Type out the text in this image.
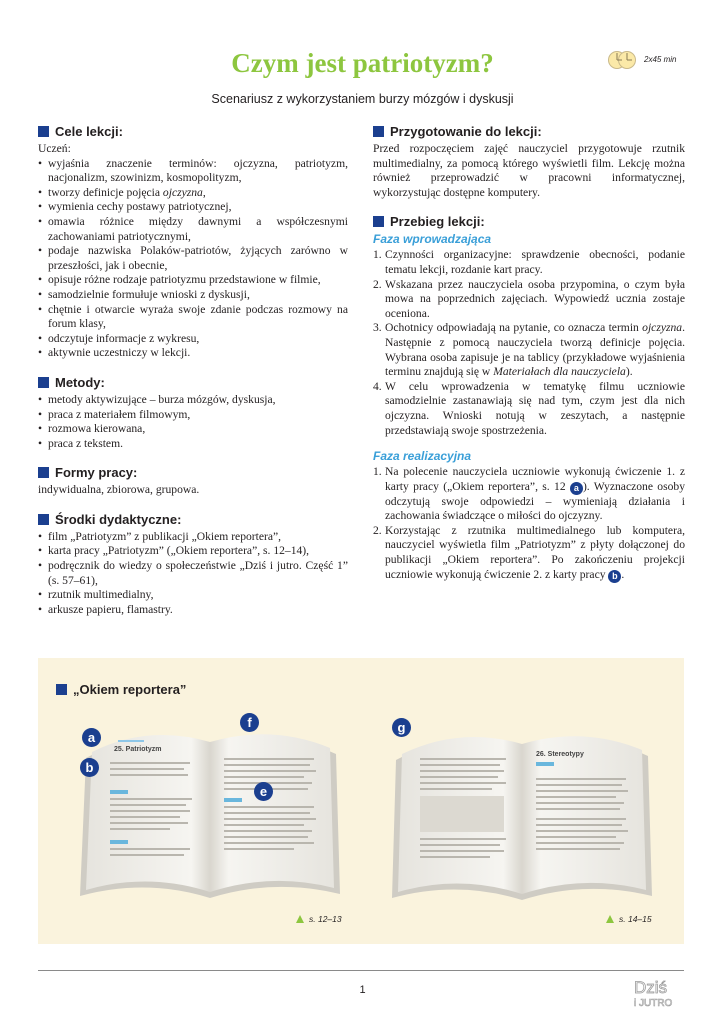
Czym jest patriotyzm?
Scenariusz z wykorzystaniem burzy mózgów i dyskusji
2x45 min
Cele lekcji:
Uczeń:
• wyjaśnia znaczenie terminów: ojczyzna, patriotyzm, nacjonalizm, szowinizm, kosmopolityzm,
• tworzy definicje pojęcia ojczyzna,
• wymienia cechy postawy patriotycznej,
• omawia różnice między dawnymi a współczesnymi zachowaniami patriotycznymi,
• podaje nazwiska Polaków-patriotów, żyjących zarówno w przeszłości, jak i obecnie,
• opisuje różne rodzaje patriotyzmu przedstawione w filmie,
• samodzielnie formułuje wnioski z dyskusji,
• chętnie i otwarcie wyraża swoje zdanie podczas rozmowy na forum klasy,
• odczytuje informacje z wykresu,
• aktywnie uczestniczy w lekcji.
Metody:
• metody aktywizujące – burza mózgów, dyskusja,
• praca z materiałem filmowym,
• rozmowa kierowana,
• praca z tekstem.
Formy pracy:
indywidualna, zbiorowa, grupowa.
Środki dydaktyczne:
• film „Patriotyzm” z publikacji „Okiem reportera”,
• karta pracy „Patriotyzm” („Okiem reportera”, s. 12–14),
• podręcznik do wiedzy o społeczeństwie „Dziś i jutro. Część 1” (s. 57–61),
• rzutnik multimedialny,
• arkusze papieru, flamastry.
Przygotowanie do lekcji:
Przed rozpoczęciem zajęć nauczyciel przygotowuje rzutnik multimedialny, za pomocą którego wyświetli film. Lekcję można również przeprowadzić w pracowni informatycznej, wykorzystując dostępne komputery.
Przebieg lekcji:
Faza wprowadzająca
1. Czynności organizacyjne: sprawdzenie obecności, podanie tematu lekcji, rozdanie kart pracy.
2. Wskazana przez nauczyciela osoba przypomina, o czym była mowa na poprzednich zajęciach. Wypowiedź ucznia zostaje oceniona.
3. Ochotnicy odpowiadają na pytanie, co oznacza termin ojczyzna. Następnie z pomocą nauczyciela tworzą definicje pojęcia. Wybrana osoba zapisuje je na tablicy (przykładowe wyjaśnienia terminu znajdują się w Materiałach dla nauczyciela).
4. W celu wprowadzenia w tematykę filmu uczniowie samodzielnie zastanawiają się nad tym, czym jest dla nich ojczyzna. Wnioski notują w zeszytach, a następnie przedstawiają swoje spostrzeżenia.
Faza realizacyjna
1. Na polecenie nauczyciela uczniowie wykonują ćwiczenie 1. z karty pracy („Okiem reportera”, s. 12 a ). Wyznaczone osoby odczytują swoje odpowiedzi – wymieniają działania i zachowania świadczące o miłości do ojczyzny.
2. Korzystając z rzutnika multimedialnego lub komputera, nauczyciel wyświetla film „Patriotyzm” z płyty dołączonej do publikacji „Okiem reportera”. Po zakończeniu projekcji uczniowie wykonują ćwiczenie 2. z karty pracy b .
„Okiem reportera”
25. Patriotyzm
a
b
f
e
s. 12–13
26. Stereotypy
g
s. 14–15
1	Dziś
i JUTRO
